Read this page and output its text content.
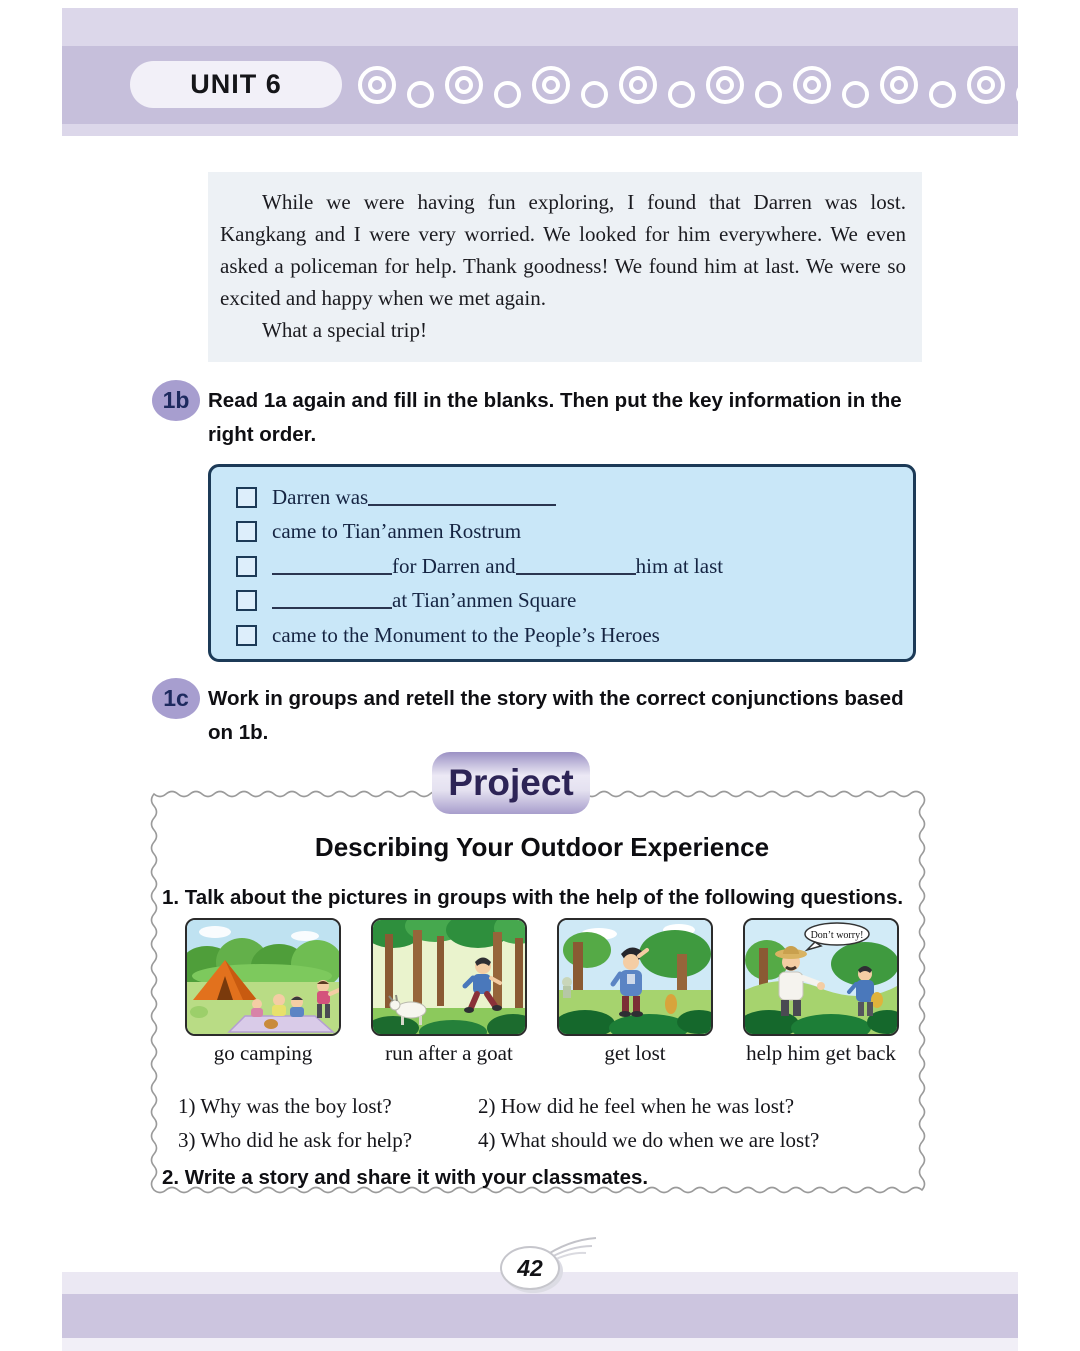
UNIT 6

While we were having fun exploring, I found that Darren was lost. Kangkang and I were very worried. We looked for him everywhere. We even asked a policeman for help. Thank goodness! We found him at last. We were so excited and happy when we met again.

What a special trip!

1b Read 1a again and fill in the blanks. Then put the key information in the right order.
Darren was
came to Tian’anmen Rostrum
for Darren and	him at last
at Tian’anmen Square
came to the Monument to the People’s Heroes
1c Work in groups and retell the story with the correct conjunctions based on 1b.
Project
Describing Your Outdoor Experience
1. Talk about the pictures in groups with the help of the following questions.
go camping	run after a goat	get lost
Don’t worry!
help him get back
1) Why was the boy lost?	2) How did he feel when he was lost?
3) Who did he ask for help?	4) What should we do when we are lost?
2. Write a story and share it with your classmates.
42
